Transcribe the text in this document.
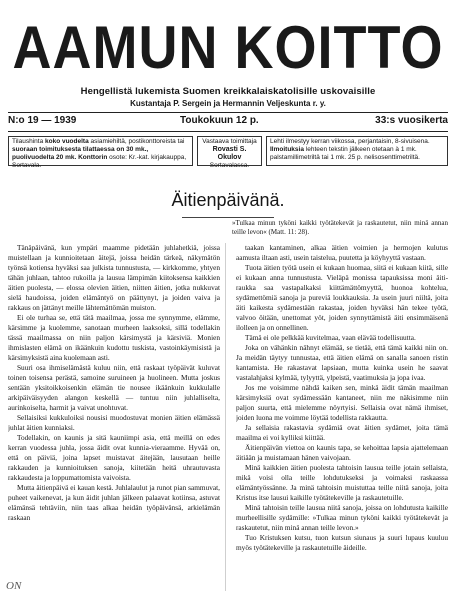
AAMUN KOITTO
Hengellistä lukemista Suomen kreikkalaiskatolisille uskovaisille
Kustantaja P. Sergein ja Hermannin Veljeskunta r. y.
N:o 19 — 1939	Toukokuun 12 p.	33:s vuosikerta
Tilaushinta koko vuodelta asiamiehiltä, postikonttoreista tai suoraan toimituksesta tilattaessa on 30 mk., puolivuodelta 20 mk. Konttorin osote: Kr.-kat. kirjakauppa, Sortavala.
Vastaava toimittaja
Rovasti S. Okulov
Sortavalassa.
Lehti ilmestyy kerran viikossa, perjantaisin, 8-sivuisena.
Ilmoituksia lehteen tekstin jälkeen otetaan à 1 mk. palstamillimetriltä tai 1 mk. 25 p. nelisosenttimetriltä.
Äitienpäivänä.
»Tulkaa minun tyköni kaikki työtätekevät ja raskautetut, niin minä annan teille levon« (Matt. 11: 28).

Tänäpäivänä, kun ympäri maamme pidetään juhlahetkiä, joissa muistellaan ja kunnioitetaan äitejä, joissa heidän tärkeä, näkymätön työnsä kotiensa hyväksi saa julkista tunnustusta, — kirkkomme, yhtyen tähän juhlaan, tahtoo rukoilla ja lausua lämpimän kiitoksensa kaikkien äitien puolesta, — elossa olevien äitien, niitten äitien, jotka nukkuvat sielä haudoissa, joiden elämäntyö on päättynyt, ja joiden vaiva ja rakkaus on jättänyt meille lähtemättömän muiston.

Ei ole turhaa se, että tätä maailmaa, jossa me synnymme, elämme, kärsimme ja kuolemme, sanotaan murheen laaksoksi, sillä todellakin tässä maailmassa on niin paljon kärsimystä ja kärsiviä. Monien ihmislasten elämä on ikäänkuin kudottu tuskista, vastoinkäymisistä ja kärsimyksistä aina kuolemaan asti.

Suuri osa ihmiselämästä kuluu niin, että raskaat työpäivät kuluvat toinen toisensa perästä, samoine suruineen ja huolineen. Mutta joskus sentään yksitoikkoisenkin elämän tie nousee ikäänkuin kukkulalle arkipäiväisyyden alangon keskellä — tuntuu niin juhlalliselta, aurinkoiselta, harmit ja vaivat unohtuvat.

Sellaisiksi kukkuloiksi nousisi muodostuvat monien äitien elämässä juhlat äitien kunniaksi.

Todellakin, on kaunis ja sitä kauniimpi asia, että meillä on edes kerran vuodessa juhla, jossa äidit ovat kunnia-vieraamme. Hyvää on, että on päiviä, joina lapset muistavat äitejään, lausutaan heille rakkauden ja kunnioituksen sanoja, kiitetään heitä uhrautuvasta rakkaudesta ja loppumattomista vaivoista.

Mutta äitienpäivä ei kauan kestä. Juhlalaulut ja runot pian sammuvat, puheet vaikenevat, ja kun äidit juhlan jälkeen palaavat kotiinsa, astuvat elämänsä tehtäviin, niin taas alkaa heidän työpäivänsä, arkielämän raskaan

taakan kantaminen, alkaa äitien voimien ja hermojen kulutus aamusta iltaan asti, usein taistelua, puutetta ja köyhyyttä vastaan.

Tuota äitien työtä usein ei kukaan huomaa, siitä ei kukaan kiitä, sille ei kukaan anna tunnustusta. Vieläpä monissa tapauksissa moni äiti-raukka saa vastapalkaksi kiittämättömyyttä, huonoa kohtelua, sydämettömiä sanoja ja pureviä loukkauksia. Ja usein juuri niiltä, joita äiti kaikesta sydämestään rakastaa, joiden hyväksi hän tekee työtä, valvoo öitään, unettomat yöt, joiden synnyttämistä äiti ensimmäisenä ilolleen ja on onnellinen.

Tämä ei ole pelkkää kuvitelmaa, vaan elävää todellisuutta.

Joka on vähänkin nähnyt elämää, se tietää, että tämä kaikki niin on. Ja meidän täytyy tunnustaa, että äitien elämä on sanalla sanoen ristin kantamista. He rakastavat lapsiaan, mutta kuinka usein he saavat vastalahjaksi kylmää, tylyyttä, ylpeistä, vaatimuksia ja jopa ivaa.

Jos me voisimme nähdä kaiken sen, minkä äidit tämän maailman kärsimyksiä ovat sydämessään kantaneet, niin me näkisimme niin paljon suurta, että mielemme nöyrtyisi. Sellaisia ovat nämä ihmiset, joiden luona me voimme löytää todellista rakkautta.

Ja sellaisia rakastavia sydämiä ovat äitien sydämet, joita tämä maailma ei voi kylliksi kiittää.

Äitienpäivän viettoa on kaunis tapa, se kehoittaa lapsia ajattelemaan äitiään ja muistamaan hänen vaivojaan.

Minä kaikkien äitien puolesta tahtoisin lausua teille jotain sellaista, mikä voisi olla teille lohdutukseksi ja voimaksi raskaassa elämäntyössänne. Ja minä tahtoisin muistuttaa teille niitä sanoja, joita Kristus itse lausui kaikille työtätekeville ja raskautetuille.

Minä tahtoisin teille lausua niitä sanoja, joissa on lohdutusta kaikille murheellisille sydämille: »Tulkaa minun tyköni kaikki työtätekevät ja raskautetut, niin minä annan teille levon.»

Tuo Kristuksen kutsu, tuon kutsun siunaus ja suuri lupaus kuuluu myös työtätekeville ja raskautetuille äideille.

ON
